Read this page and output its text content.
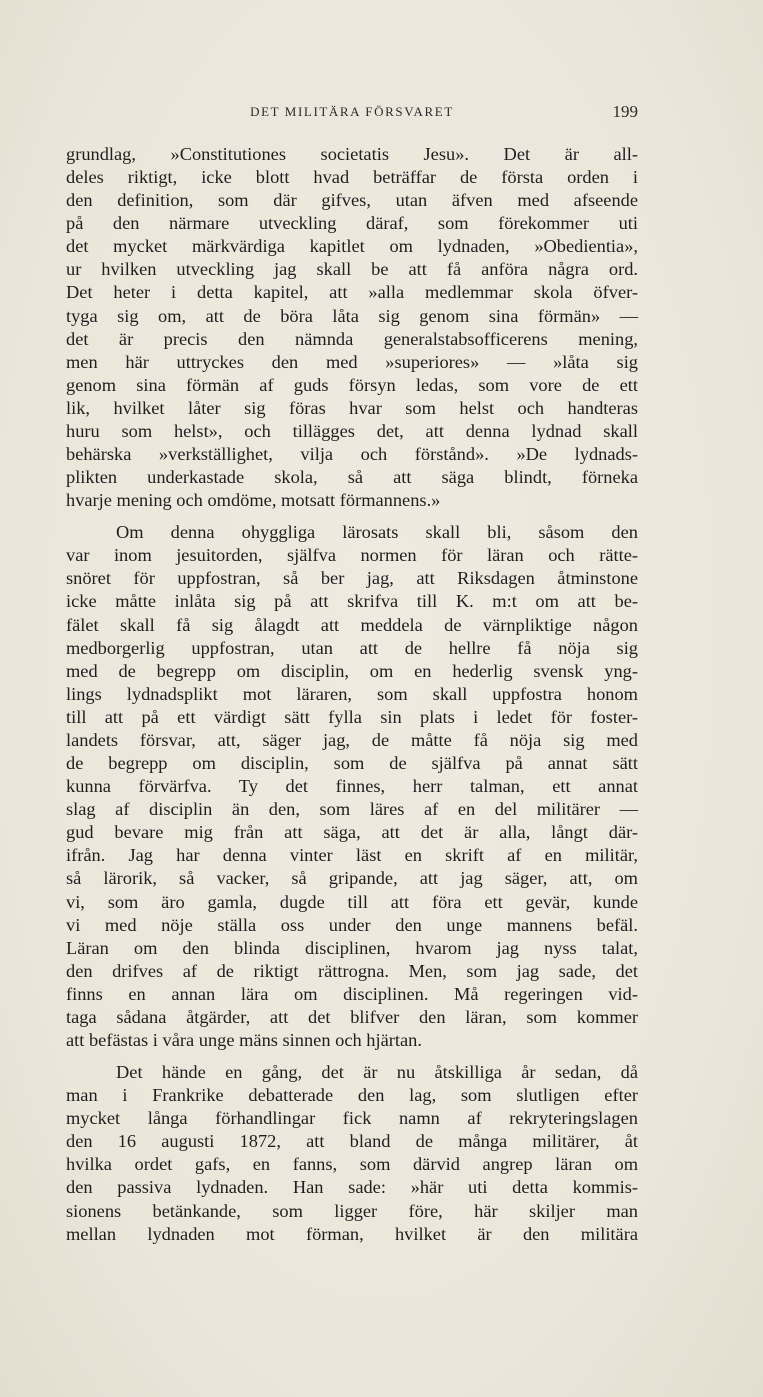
DET MILITÄRA FÖRSVARET	199
grundlag, »Constitutiones societatis Jesu». Det är all-
deles riktigt, icke blott hvad beträffar de första orden i
den definition, som där gifves, utan äfven med afseende
på den närmare utveckling däraf, som förekommer uti
det mycket märkvärdiga kapitlet om lydnaden, »Obedientia»,
ur hvilken utveckling jag skall be att få anföra några ord.
Det heter i detta kapitel, att »alla medlemmar skola öfver-
tyga sig om, att de böra låta sig genom sina förmän» —
det är precis den nämnda generalstabsofficerens mening,
men här uttryckes den med »superiores» — »låta sig
genom sina förmän af guds försyn ledas, som vore de ett
lik, hvilket låter sig föras hvar som helst och handteras
huru som helst», och tillägges det, att denna lydnad skall
behärska »verkställighet, vilja och förstånd». »De lydnads-
plikten underkastade skola, så att säga blindt, förneka
hvarje mening och omdöme, motsatt förmannens.»
Om denna ohyggliga lärosats skall bli, såsom den
var inom jesuitorden, själfva normen för läran och rätte-
snöret för uppfostran, så ber jag, att Riksdagen åtminstone
icke måtte inlåta sig på att skrifva till K. m:t om att be-
fälet skall få sig ålagdt att meddela de värnpliktige någon
medborgerlig uppfostran, utan att de hellre få nöja sig
med de begrepp om disciplin, om en hederlig svensk yng-
lings lydnadsplikt mot läraren, som skall uppfostra honom
till att på ett värdigt sätt fylla sin plats i ledet för foster-
landets försvar, att, säger jag, de måtte få nöja sig med
de begrepp om disciplin, som de själfva på annat sätt
kunna förvärfva. Ty det finnes, herr talman, ett annat
slag af disciplin än den, som läres af en del militärer —
gud bevare mig från att säga, att det är alla, långt där-
ifrån. Jag har denna vinter läst en skrift af en militär,
så lärorik, så vacker, så gripande, att jag säger, att, om
vi, som äro gamla, dugde till att föra ett gevär, kunde
vi med nöje ställa oss under den unge mannens befäl.
Läran om den blinda disciplinen, hvarom jag nyss talat,
den drifves af de riktigt rättrogna. Men, som jag sade, det
finns en annan lära om disciplinen. Må regeringen vid-
taga sådana åtgärder, att det blifver den läran, som kommer
att befästas i våra unge mäns sinnen och hjärtan.
Det hände en gång, det är nu åtskilliga år sedan, då
man i Frankrike debatterade den lag, som slutligen efter
mycket långa förhandlingar fick namn af rekryteringslagen
den 16 augusti 1872, att bland de många militärer, åt
hvilka ordet gafs, en fanns, som därvid angrep läran om
den passiva lydnaden. Han sade: »här uti detta kommis-
sionens betänkande, som ligger före, här skiljer man
mellan lydnaden mot förman, hvilket är den militära
